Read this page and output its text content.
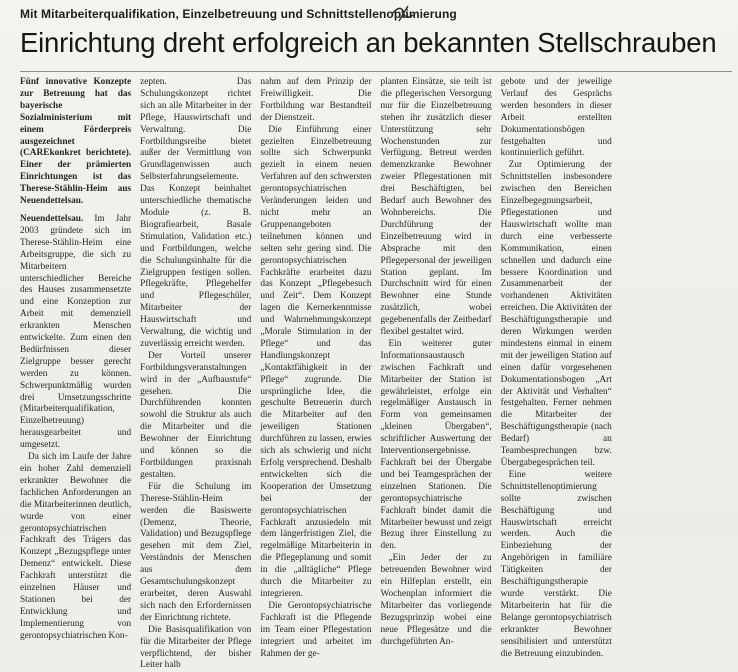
Mit Mitarbeiterqualifikation, Einzelbetreuung und Schnittstellenoptimierung
Einrichtung dreht erfolgreich an bekannten Stellschrauben

Fünf innovative Konzepte zur Betreuung hat das bayerische Sozialministerium mit einem Förderpreis ausgezeichnet (CAREkonkret berichtete). Einer der prämierten Einrichtungen ist das Therese-Stählin-Heim aus Neuendettelsau.

Neuendettelsau. Im Jahr 2003 gründete sich im Therese-Stählin-Heim eine Arbeitsgruppe, die sich zu Mitarbeitern unterschiedlicher Bereiche des Hauses zusammensetzte und eine Konzeption zur Arbeit mit demenziell erkrankten Menschen entwickelte. Zum einen den Bedürfnissen dieser Zielgruppe besser gerecht werden zu können. Schwerpunktmäßig wurden drei Umsetzungsschritte (Mitarbeiterqualifikation, Einzelbetreuung) herausgearbeitet und umgesetzt.

Da sich im Laufe der Jahre ein hoher Zahl demenziell erkrankter Bewohner die fachlichen Anforderungen an die Mitarbeiterinnen deutlich, wurde von einer gerontopsychiatrischen Fachkraft des Trägers das Konzept „Bezugspflege unter Demenz“ entwickelt. Diese Fachkraft unterstützt die einzelnen Häuser und Stationen bei der Entwicklung und Implementierung von gerontopsychiatrischen Kon-

zepten. Das Schulungskonzept richtet sich an alle Mitarbeiter in der Pflege, Hauswirtschaft und Verwaltung. Die Fortbildungsreihe bietet außer der Vermittlung von Grundlagenwissen auch Selbsterfahrungselemente. Das Konzept beinhaltet unterschiedliche thematische Module (z. B. Biografiearbeit, Basale Stimulation, Validation etc.) und Fortbildungen, welche die Schulungsinhalte für die Zielgruppen festigen sollen. Pflegekräfte, Pflegehelfer und Pflegeschüler, Mitarbeiter der Hauswirtschaft und Verwaltung, die wichtig und zuverlässig erreicht werden.

Der Vorteil unserer Fortbildungsveranstaltungen wird in der „Aufbaustufe“ gesehen. Die Durchführenden konnten sowohl die Struktur als auch die Mitarbeiter und die Bewohner der Einrichtung und können so die Fortbildungen praxisnah gestalten.

Für die Schulung im Therese-Stählin-Heim werden die Basiswerte (Demenz, Theorie, Validation) und Bezugspflege gesehen mit dem Ziel, Verständnis der Menschen aus dem Gesamtschulungskonzept erarbeitet, deren Auswahl sich nach den Erfordernissen der Einrichtung richtete.

Die Basisqualifikation von für die Mitarbeiter der Pflege verpflichtend, der bisher Leiter halb

nahm auf dem Prinzip der Freiwilligkeit. Die Fortbildung war Bestandteil der Dienstzeit.

Die Einführung einer gezielten Einzelbetreuung sollte sich Schwerpunkt gezielt in einem neuen Verfahren auf den schwersten gerontopsychiatrischen Veränderungen leiden und nicht mehr an Gruppenangeboten teilnehmen können und selten sehr gering sind. Die gerontopsychiatrischen Fachkräfte erarbeitet dazu das Konzept „Pflegebesuch und Zeit“. Dem Konzept lagen die Kernerkenntnisse und Wahrnehmungskonzept „Morale Stimulation in der Pflege“ und das Handlungskonzept „Kontaktfähigkeit in der Pflege“ zugrunde. Die ursprüngliche Idee, die geschulte Betreuerin durch die Mitarbeiter auf den jeweiligen Stationen durchführen zu lassen, erwies sich als schwierig und nicht Erfolg versprechend. Deshalb entwickelten sich die Kooperation der Umsetzung bei der gerontopsychiatrischen Fachkraft anzusiedeln mit dem längerfristigen Ziel, die regelmäßige Mitarbeiterin in die Pflegeplanung und somit in die „alltägliche“ Pflege durch die Mitarbeiter zu integrieren.

Die Gerontopsychiatrische Fachkraft ist die Pflegende im Team einer Pflegestation integriert und arbeitet im Rahmen der ge-

planten Einsätze, sie teilt ist die pflegerischen Versorgung nur für die Einzelbetreuung stehen ihr zusätzlich dieser Unterstützung sehr Wochenstunden zur Verfügung. Betreut werden demenzkranke Bewohner zweier Pflegestationen mit drei Beschäftigten, bei Bedarf auch Bewohner des Wohnbereichs. Die Durchführung der Einzelbetreuung wird in Absprache mit den Pflegepersonal der jeweiligen Station geplant. Im Durchschnitt wird für einen Bewohner eine Stunde zusätzlich, wobei gegebenenfalls der Zeitbedarf flexibel gestaltet wird.

Ein weiterer guter Informationsaustausch zwischen Fachkraft und Mitarbeiter der Station ist gewährleistet, erfolge ein regelmäßiger Austausch in Form von gemeinsamen „kleinen Übergaben“, schriftlicher Auswertung der Interventionsergebnisse. Fachkraft bei der Übergabe und bei Teamgesprächen der einzelnen Stationen. Die gerontopsychiatrische Fachkraft bindet damit die Mitarbeiter bewusst und zeigt Bezug ihrer Einstellung zu den.

„Ein Jeder der zu betreuenden Bewohner wird ein Hilfeplan erstellt, ein Wochenplan informiert die Mitarbeiter das vorliegende Bezugsprinzip wobei eine neue Pflegesätze und die durchgeführten An-

gebote und der jeweilige Verlauf des Gesprächs werden besonders in dieser Arbeit erstellten Dokumentationsbögen festgehalten und kontinuierlich geführt.

Zur Optimierung der Schnittstellen insbesondere zwischen den Bereichen Einzelbegegnungsarbeit, Pflegestationen und Hauswirtschaft wollte man durch eine verbesserte Kommunikation, einen schnellen und dadurch eine bessere Koordination und Zusammenarbeit der vorhandenen Aktivitäten erreichen. Die Aktivitäten der Beschäftigungstherapie und deren Wirkungen werden mindestens einmal in einem mit der jeweiligen Station auf einen dafür vorgesehenen Dokumentationsbogen „Art der Aktivität und Verhalten“ festgehalten. Ferner nehmen die Mitarbeiter der Beschäftigungstherapie (nach Bedarf) an Teambesprechungen bzw. Übergabegesprächen teil.

Eine weitere Schnittstellenoptimierung sollte zwischen Beschäftigung und Hauswirtschaft erreicht werden. Auch die Einbeziehung der Angehörigen in familiäre Tätigkeiten der Beschäftigungstherapie wurde verstärkt. Die Mitarbeiterin hat für die Belange gerontopsychiatrisch erkrankter Bewohner sensibilisiert und unterstützt die Betreuung einzubinden.
